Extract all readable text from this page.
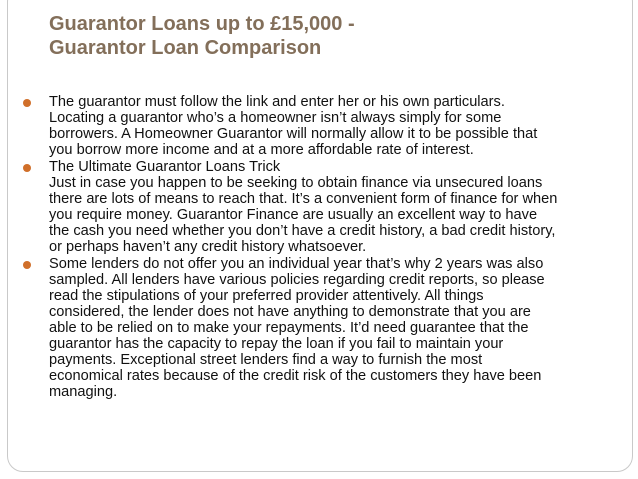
Guarantor Loans up to £15,000 -
Guarantor Loan Comparison
The guarantor must follow the link and enter her or his own particulars.
Locating a guarantor who’s a homeowner isn’t always simply for some
borrowers. A Homeowner Guarantor will normally allow it to be possible that
you borrow more income and at a more affordable rate of interest.
The Ultimate Guarantor Loans Trick
Just in case you happen to be seeking to obtain finance via unsecured loans
there are lots of means to reach that. It’s a convenient form of finance for when
you require money. Guarantor Finance are usually an excellent way to have
the cash you need whether you don’t have a credit history, a bad credit history,
or perhaps haven’t any credit history whatsoever.
Some lenders do not offer you an individual year that’s why 2 years was also
sampled. All lenders have various policies regarding credit reports, so please
read the stipulations of your preferred provider attentively. All things
considered, the lender does not have anything to demonstrate that you are
able to be relied on to make your repayments. It’d need guarantee that the
guarantor has the capacity to repay the loan if you fail to maintain your
payments. Exceptional street lenders find a way to furnish the most
economical rates because of the credit risk of the customers they have been
managing.
